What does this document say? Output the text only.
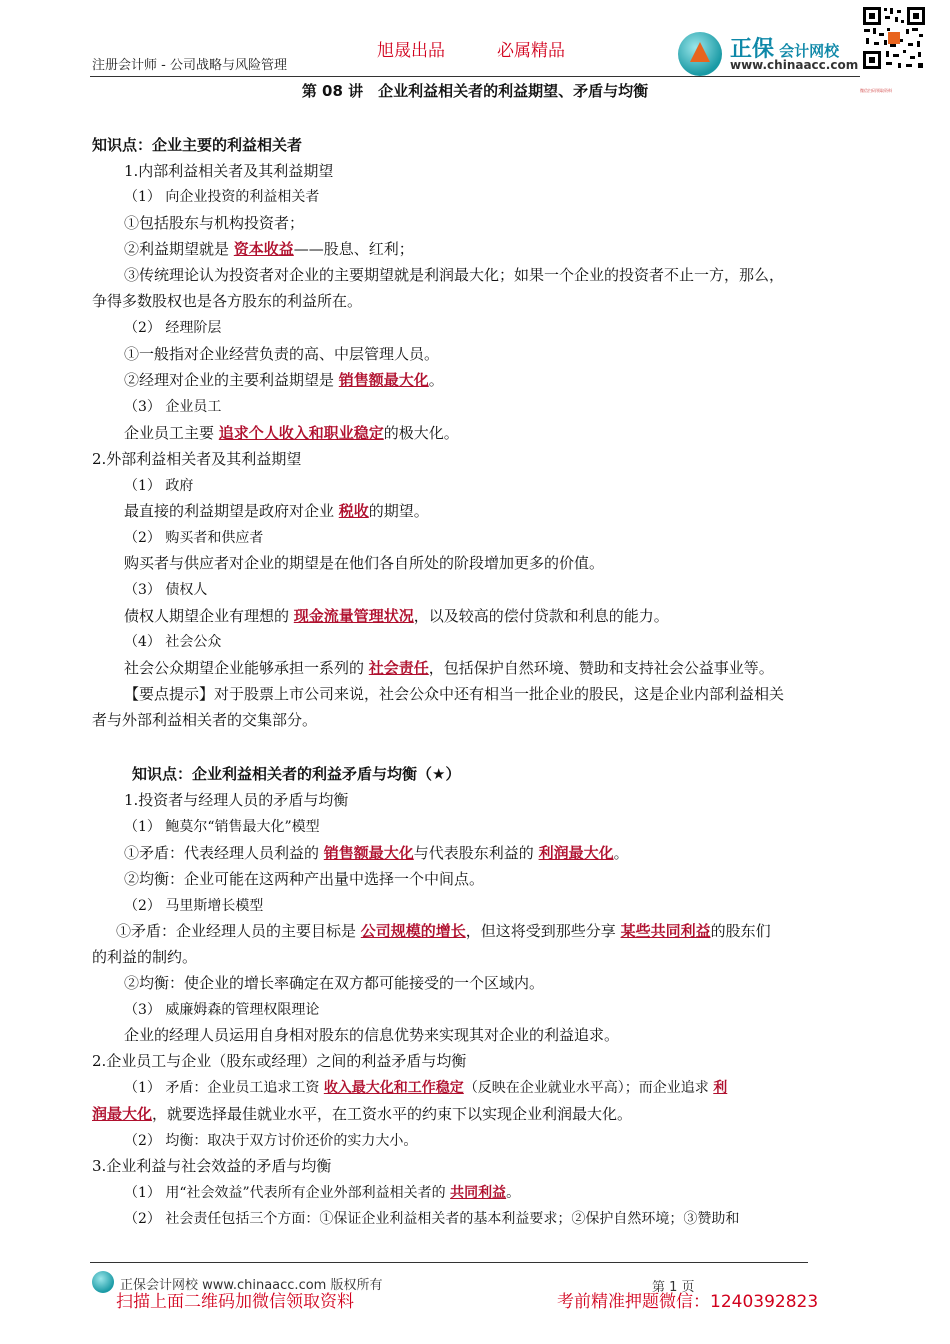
注册会计师 - 公司战略与风险管理
旭晟出品	必属精品	正保 会计网校
www.chinaacc.com
微信扫码领取资料
第 08 讲　企业利益相关者的利益期望、矛盾与均衡
知识点：企业主要的利益相关者
1.内部利益相关者及其利益期望
（1） 向企业投资的利益相关者
①包括股东与机构投资者；
②利益期望就是 资本收益——股息、红利；
③传统理论认为投资者对企业的主要期望就是利润最大化；如果一个企业的投资者不止一方，那么，
争得多数股权也是各方股东的利益所在。
（2） 经理阶层
①一般指对企业经营负责的高、中层管理人员。
②经理对企业的主要利益期望是 销售额最大化。
（3） 企业员工
企业员工主要 追求个人收入和职业稳定的极大化。
2.外部利益相关者及其利益期望
（1） 政府
最直接的利益期望是政府对企业 税收的期望。
（2） 购买者和供应者
购买者与供应者对企业的期望是在他们各自所处的阶段增加更多的价值。
（3） 债权人
债权人期望企业有理想的 现金流量管理状况，以及较高的偿付贷款和利息的能力。
（4） 社会公众
社会公众期望企业能够承担一系列的 社会责任，包括保护自然环境、赞助和支持社会公益事业等。
【要点提示】对于股票上市公司来说，社会公众中还有相当一批企业的股民，这是企业内部利益相关
者与外部利益相关者的交集部分。
知识点：企业利益相关者的利益矛盾与均衡（★）
1.投资者与经理人员的矛盾与均衡
（1） 鲍莫尔“销售最大化”模型
①矛盾：代表经理人员利益的 销售额最大化与代表股东利益的 利润最大化。
②均衡：企业可能在这两种产出量中选择一个中间点。
（2） 马里斯增长模型
①矛盾：企业经理人员的主要目标是 公司规模的增长，但这将受到那些分享 某些共同利益的股东们
的利益的制约。
②均衡：使企业的增长率确定在双方都可能接受的一个区域内。
（3） 威廉姆森的管理权限理论
企业的经理人员运用自身相对股东的信息优势来实现其对企业的利益追求。
2.企业员工与企业（股东或经理）之间的利益矛盾与均衡
（1） 矛盾：企业员工追求工资 收入最大化和工作稳定（反映在企业就业水平高）；而企业追求 利
润最大化，就要选择最佳就业水平，在工资水平的约束下以实现企业利润最大化。
（2） 均衡：取决于双方讨价还价的实力大小。
3.企业利益与社会效益的矛盾与均衡
（1） 用“社会效益”代表所有企业外部利益相关者的 共同利益。
（2） 社会责任包括三个方面：①保证企业利益相关者的基本利益要求；②保护自然环境；③赞助和
正保会计网校 www.chinaacc.com 版权所有	第 1 页
扫描上面二维码加微信领取资料	考前精准押题微信：1240392823
